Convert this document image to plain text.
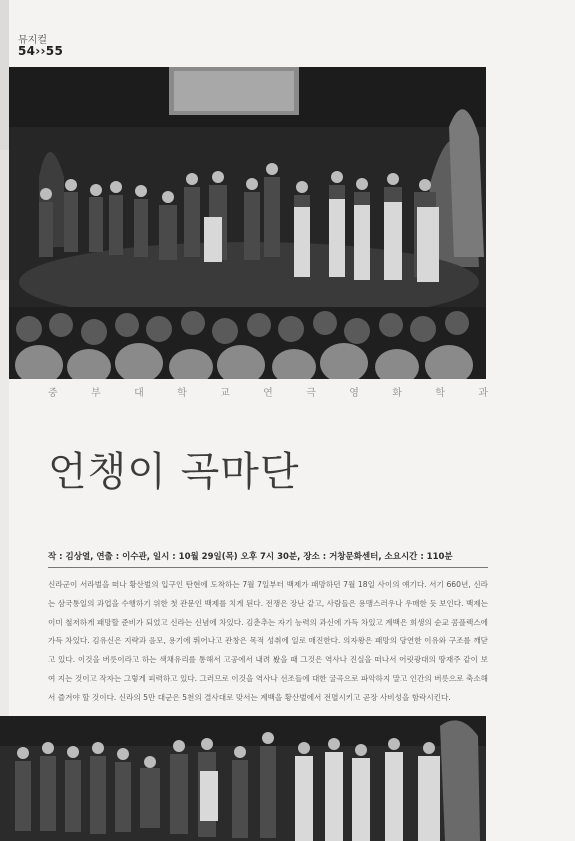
뮤지컬
54››55
중	부	대	학	교	연	극	영	화	학	과
언챙이 곡마단
작 : 김상열, 연출 : 이수관, 일시 : 10월 29일(목) 오후 7시 30분, 장소 : 거창문화센터, 소요시간 : 110분

신라군이 서라벌을 떠나 황산벌의 입구인 탄현에 도착하는 7월 7일부터 백제가 패망하던 7월 18일 사이의 얘기다. 서기 660년, 신라는 삼국통일의 과업을 수행하기 위한 첫 관문인 백제를 치게 된다. 전쟁은 장난 같고, 사람들은 용맹스러우나 우매한 듯 보인다. 백제는 이미 철저하게 패망할 준비가 되었고 신라는 신념에 차있다. 김춘추는 자기 능력의 과신에 가득 차있고 계백은 희생의 순교 콤플렉스에 가득 차있다. 김유신은 지략과 음모, 용기에 뛰어나고 관창은 목적 성취에 일로 매진한다. 의자왕은 패망의 당연한 이유와 구조를 깨닫고 있다. 이것을 버릇이라고 하는 색채유리를 통해서 고공에서 내려 봤을 때 그것은 역사나 진실을 떠나서 어릿광대의 땅재주 같이 보여 지는 것이고 작자는 그렇게 피력하고 있다. 그러므로 이것을 역사나 선조들에 대한 굴곡으로 파악하지 말고 인간의 버릇으로 축소해서 즐겨야 할 것이다. 신라의 5만 대군은 5천의 결사대로 맞서는 계백을 황산벌에서 전멸시키고 곧장 사비성을 함락시킨다.
